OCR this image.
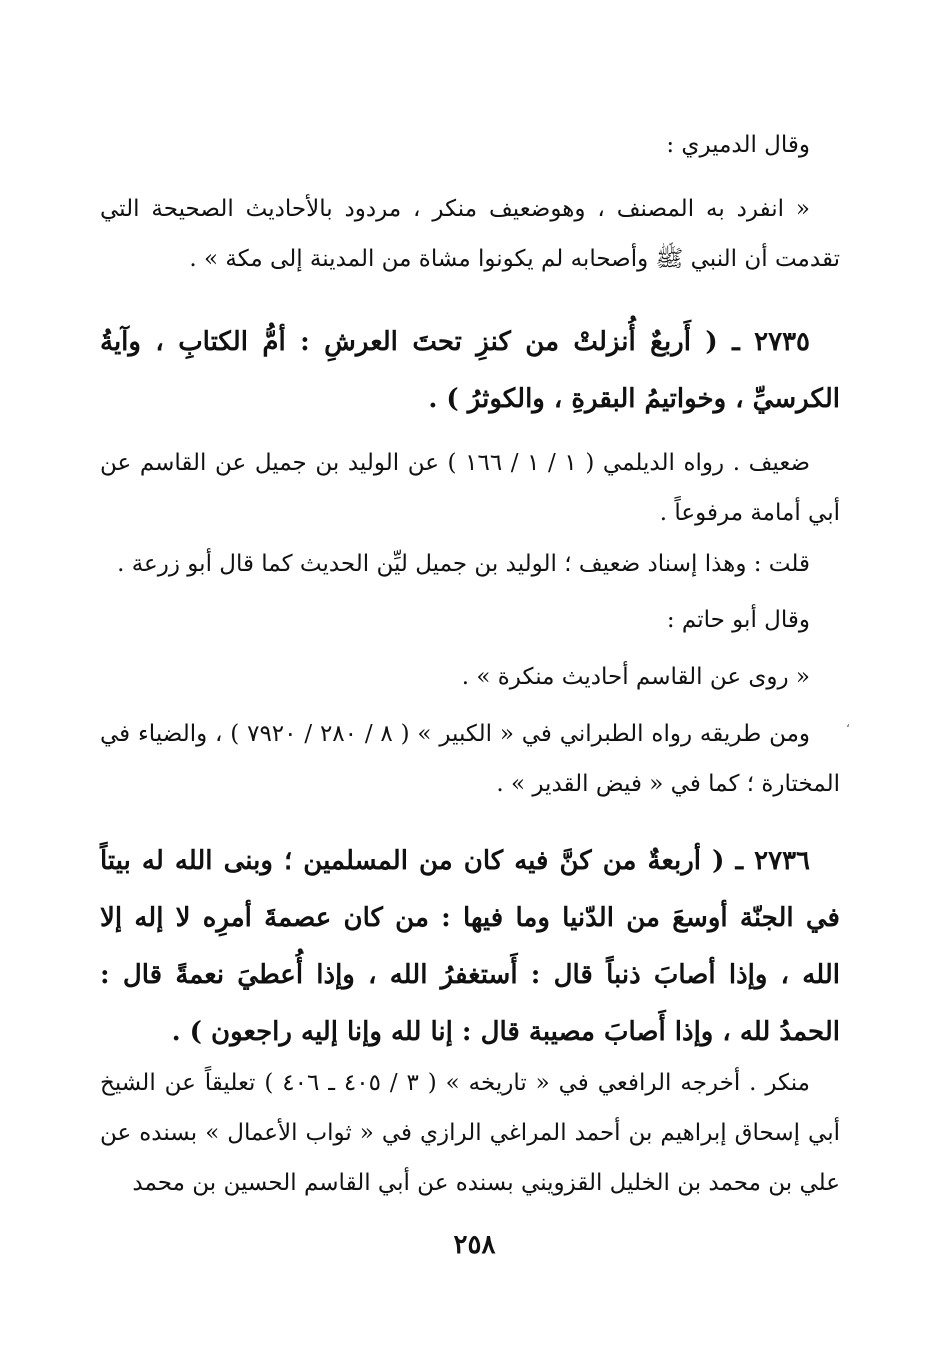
وقال الدميري :
« انفرد به المصنف ، وهوضعيف منكر ، مردود بالأحاديث الصحيحة التي تقدمت أن النبي ﷺ وأصحابه لم يكونوا مشاة من المدينة إلى مكة » .
٢٧٣٥ ـ ( أَربعٌ أُنزلتْ من كنزِ تحتَ العرشِ : أمُّ الكتابِ ، وآيةُ الكرسيِّ ، وخواتيمُ البقرةِ ، والكوثرُ ) .
ضعيف . رواه الديلمي ( ١ / ١ / ١٦٦ ) عن الوليد بن جميل عن القاسم عن أبي أمامة مرفوعاً .
قلت : وهذا إسناد ضعيف ؛ الوليد بن جميل ليِّن الحديث كما قال أبو زرعة .
وقال أبو حاتم :
« روى عن القاسم أحاديث منكرة » .
ومن طريقه رواه الطبراني في « الكبير » ( ٨ / ٢٨٠ / ٧٩٢٠ ) ، والضياء في المختارة ؛ كما في « فيض القدير » .
،
٢٧٣٦ ـ ( أربعةٌ من كنَّ فيه كان من المسلمين ؛ وبنى الله له بيتاً في الجنّة أوسعَ من الدّنيا وما فيها : من كان عصمةَ أمرِه لا إله إلا الله ، وإذا أصابَ ذنباً قال : أَستغفرُ الله ، وإذا أُعطيَ نعمةً قال : الحمدُ لله ، وإذا أَصابَ مصيبة قال : إنا لله وإنا إليه راجعون ) .
منكر . أخرجه الرافعي في « تاريخه » ( ٣ / ٤٠٥ ـ ٤٠٦ ) تعليقاً عن الشيخ أبي إسحاق إبراهيم بن أحمد المراغي الرازي في « ثواب الأعمال » بسنده عن علي بن محمد بن الخليل القزويني بسنده عن أبي القاسم الحسين بن محمد
٢٥٨
